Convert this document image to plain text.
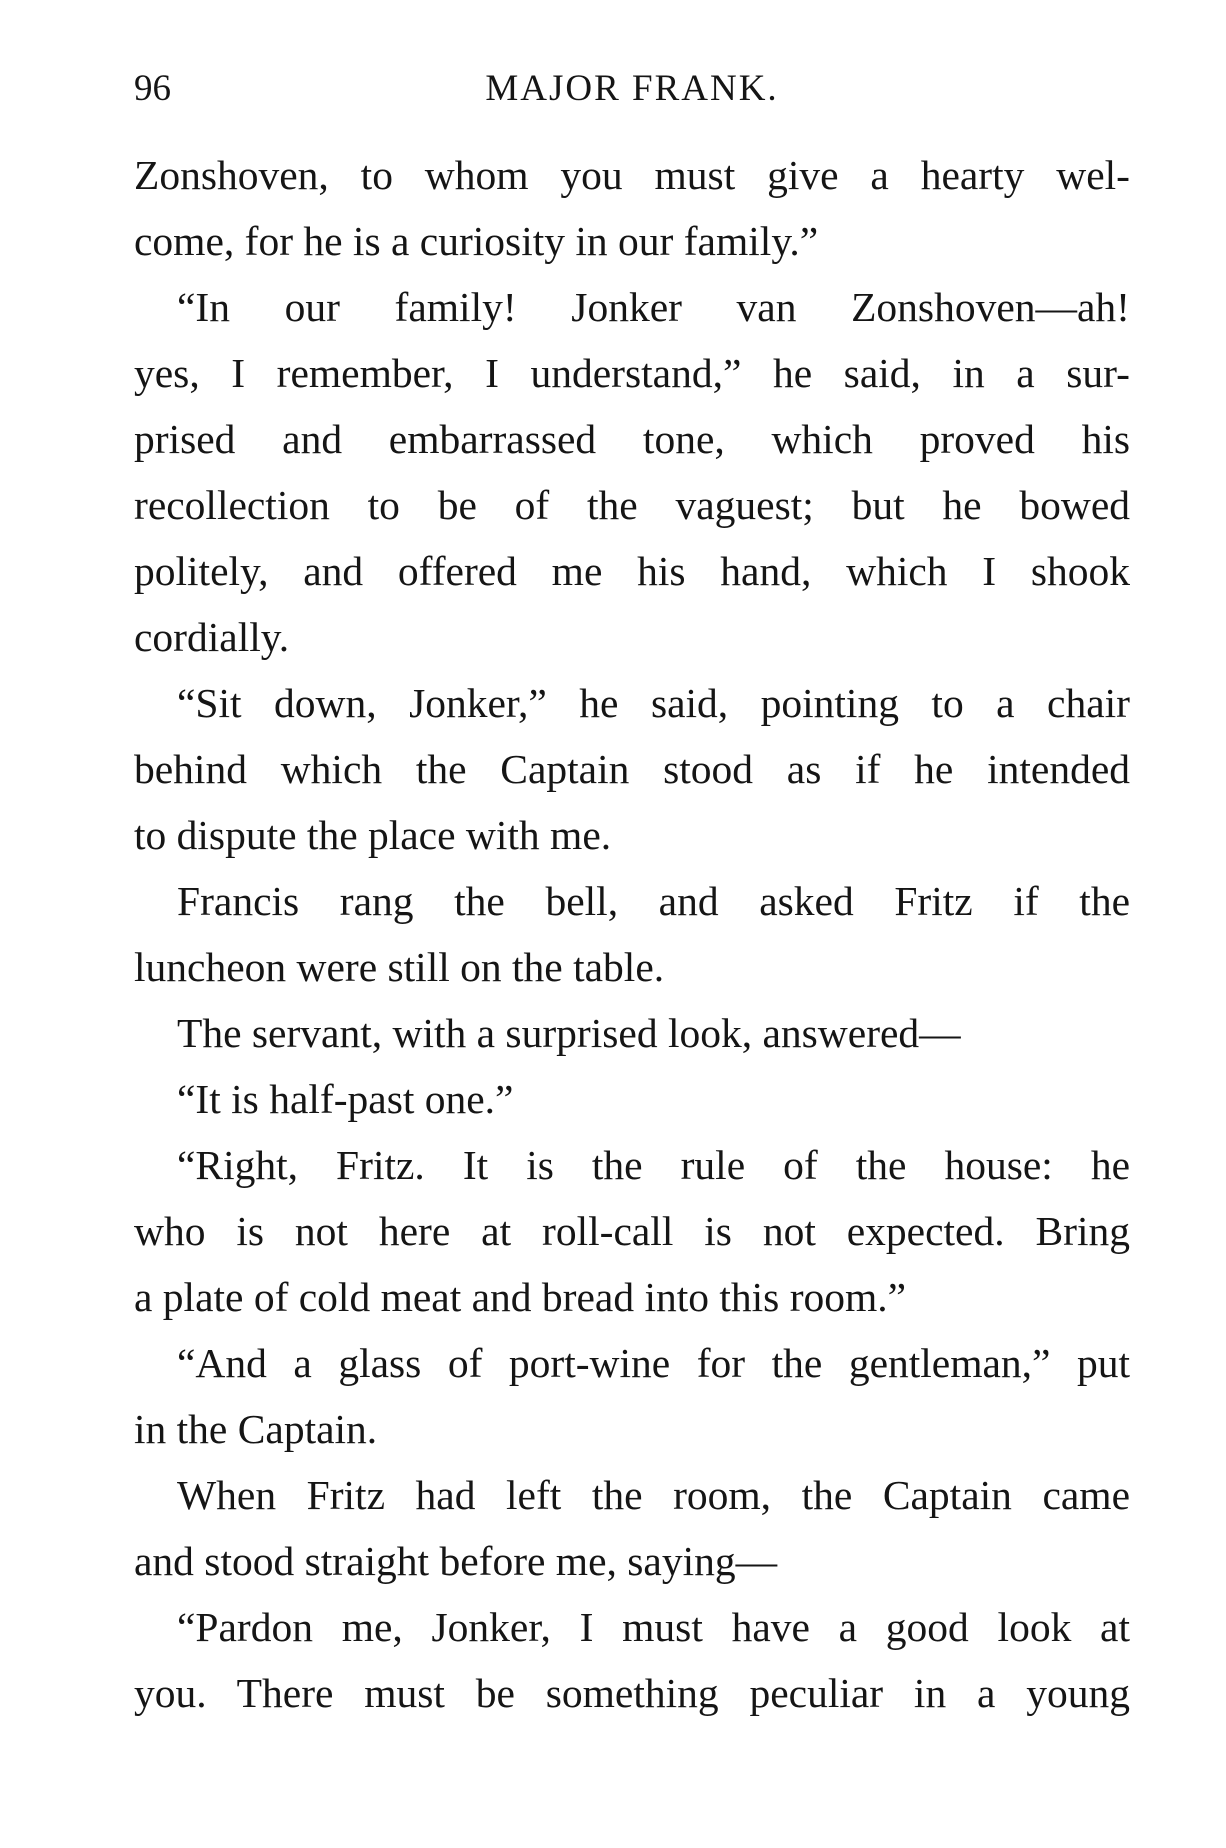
96	MAJOR FRANK.
Zonshoven, to whom you must give a hearty wel-
come, for he is a curiosity in our family.”
“In our family! Jonker van Zonshoven—ah!
yes, I remember, I understand,” he said, in a sur-
prised and embarrassed tone, which proved his
recollection to be of the vaguest; but he bowed
politely, and offered me his hand, which I shook
cordially.
“Sit down, Jonker,” he said, pointing to a chair
behind which the Captain stood as if he intended
to dispute the place with me.
Francis rang the bell, and asked Fritz if the
luncheon were still on the table.
The servant, with a surprised look, answered—
“It is half-past one.”
“Right, Fritz. It is the rule of the house: he
who is not here at roll-call is not expected. Bring
a plate of cold meat and bread into this room.”
“And a glass of port-wine for the gentleman,” put
in the Captain.
When Fritz had left the room, the Captain came
and stood straight before me, saying—
“Pardon me, Jonker, I must have a good look at
you. There must be something peculiar in a young
